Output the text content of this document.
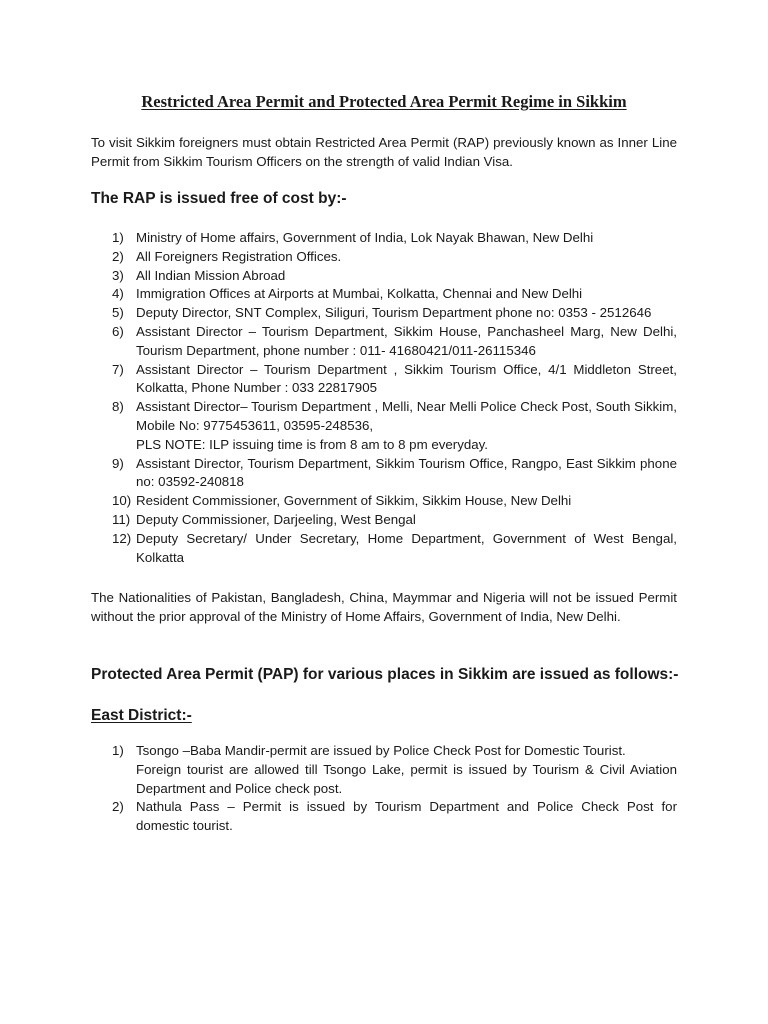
Restricted Area Permit and Protected Area Permit Regime in Sikkim
To visit Sikkim foreigners must obtain Restricted Area Permit (RAP) previously known as Inner Line Permit from Sikkim Tourism Officers on the strength of valid Indian Visa.
The RAP is issued free of cost by:-
1) Ministry of Home affairs, Government of India, Lok Nayak Bhawan, New Delhi
2) All Foreigners Registration Offices.
3) All Indian Mission Abroad
4) Immigration Offices at Airports at Mumbai, Kolkatta, Chennai and New Delhi
5) Deputy Director, SNT Complex, Siliguri, Tourism Department phone no: 0353 - 2512646
6) Assistant Director – Tourism Department, Sikkim House, Panchasheel Marg, New Delhi, Tourism Department, phone number : 011- 41680421/011-26115346
7) Assistant Director – Tourism Department , Sikkim Tourism Office, 4/1 Middleton Street, Kolkatta, Phone Number : 033 22817905
8) Assistant Director– Tourism Department , Melli, Near Melli Police Check Post, South Sikkim, Mobile No: 9775453611, 03595-248536,
PLS NOTE: ILP issuing time is from 8 am to 8 pm everyday.
9) Assistant Director, Tourism Department, Sikkim Tourism Office, Rangpo, East Sikkim phone no: 03592-240818
10) Resident Commissioner, Government of Sikkim, Sikkim House, New Delhi
11) Deputy Commissioner, Darjeeling, West Bengal
12) Deputy Secretary/ Under Secretary, Home Department, Government of West Bengal, Kolkatta
The Nationalities of Pakistan, Bangladesh, China, Maymmar and Nigeria will not be issued Permit without the prior approval of the Ministry of Home Affairs, Government of India, New Delhi.
Protected Area Permit (PAP) for various places in Sikkim are issued as follows:-
East District:-
1) Tsongo –Baba Mandir-permit are issued by Police Check Post for Domestic Tourist.
Foreign tourist are allowed till Tsongo Lake, permit is issued by Tourism & Civil Aviation Department and Police check post.
2) Nathula Pass – Permit is issued by Tourism Department and Police Check Post for domestic tourist.
